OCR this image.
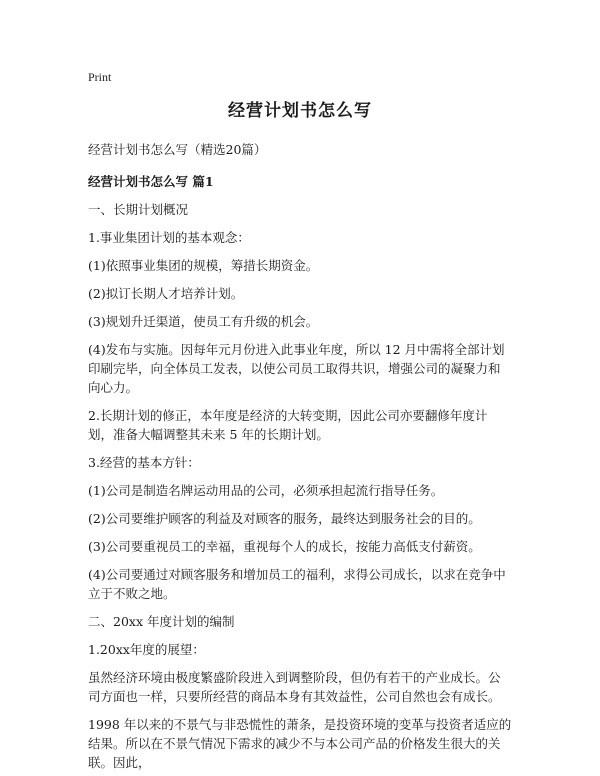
Print
经营计划书怎么写
经营计划书怎么写（精选20篇）
经营计划书怎么写 篇1
一、长期计划概况
1.事业集团计划的基本观念：
(1)依照事业集团的规模，筹措长期资金。
(2)拟订长期人才培养计划。
(3)规划升迁渠道，使员工有升级的机会。
(4)发布与实施。因每年元月份进入此事业年度，所以 12 月中需将全部计划印刷完毕，向全体员工发表，以使公司员工取得共识，增强公司的凝聚力和向心力。
2.长期计划的修正，本年度是经济的大转变期，因此公司亦要翻修年度计划，准备大幅调整其未来 5 年的长期计划。
3.经营的基本方针：
(1)公司是制造名牌运动用品的公司，必须承担起流行指导任务。
(2)公司要维护顾客的利益及对顾客的服务，最终达到服务社会的目的。
(3)公司要重视员工的幸福，重视每个人的成长，按能力高低支付薪资。
(4)公司要通过对顾客服务和增加员工的福利，求得公司成长，以求在竞争中立于不败之地。
二、20xx 年度计划的编制
1.20xx年度的展望：
虽然经济环境由极度繁盛阶段进入到调整阶段，但仍有若干的产业成长。公司方面也一样，只要所经营的商品本身有其效益性，公司自然也会有成长。
1998 年以来的不景气与非恐慌性的萧条，是投资环境的变革与投资者适应的结果。所以在不景气情况下需求的减少不与本公司产品的价格发生很大的关联。因此，
